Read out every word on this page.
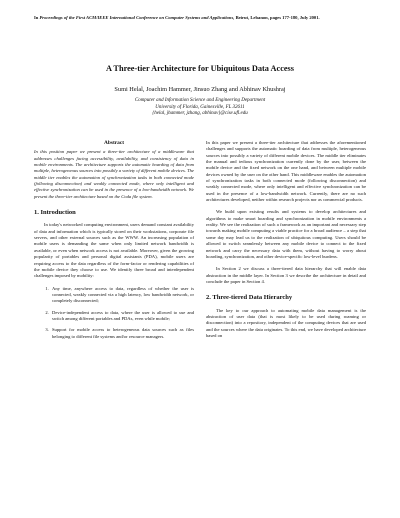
In Proceedings of the First ACM/IEEE International Conference on Computer Systems and Applications, Beirut, Lebanon, pages 177-180, July 2001.
A Three-tier Architecture for Ubiquitous Data Access

Sumi Helal, Joachim Hammer, Jinsuo Zhang and Abhinav Khushraj

Computer and Information Science and Engineering Department
University of Florida, Gainesville, FL 32611
{helal, jhammer, jzhang, abhinav}@cise.ufl.edu
Abstract

In this position paper we present a three-tier architecture of a middleware that addresses challenges facing accessibility, availability, and consistency of data in mobile environments. The architecture supports the automatic hoarding of data from multiple, heterogeneous sources into possibly a variety of different mobile devices. The middle tier enables the automation of synchronization tasks in both connected mode (following disconnection) and weakly connected mode, where only intelligent and effective synchronization can be used in the presence of a low-bandwidth network. We present the three-tier architecture based on the Coda file system.

1. Introduction

In today's networked computing environment, users demand constant availability of data and information which is typically stored on their workstations, corporate file servers, and other external sources such as the WWW. An increasing population of mobile users is demanding the same when only limited network bandwidth is available, or even when network access is not available. Moreover, given the growing popularity of portables and personal digital assistants (PDA), mobile users are requiring access to the data regardless of the form-factor or rendering capabilities of the mobile device they choose to use. We identify three broad and interdependent challenges imposed by mobility:

1. Any time, anywhere access to data, regardless of whether the user is connected, weakly connected via a high latency, low bandwidth network, or completely disconnected;
2. Device-independent access to data, where the user is allowed to use and switch among different portables and PDAs, even while mobile;
3. Support for mobile access to heterogeneous data sources such as files belonging to different file systems and/or resource managers.

In this paper we present a three-tier architecture that addresses the aforementioned challenges and supports the automatic hoarding of data from multiple, heterogeneous sources into possibly a variety of different mobile devices. The middle tier eliminates the manual and tedious synchronization currently done by the user, between the mobile device and the fixed network on the one hand, and between multiple mobile devices owned by the user on the other hand. This middleware enables the automation of synchronization tasks in both connected mode (following disconnection) and weakly connected mode, where only intelligent and effective synchronization can be used in the presence of a low-bandwidth network. Currently, there are no such architectures developed, neither within research projects nor as commercial products.

We build upon existing results and systems to develop architectures and algorithms to make smart hoarding and synchronization in mobile environments a reality. We see the realization of such a framework as an important and necessary step towards making mobile computing a viable practice for a broad audience – a step that some day may lead us to the realization of ubiquitous computing. Users should be allowed to switch seamlessly between any mobile device to connect to the fixed network and carry the necessary data with them, without having to worry about hoarding, synchronization, and other device-specific low-level burdens.

In Section 2 we discuss a three-tiered data hierarchy that will enable data abstraction in the middle layer. In Section 3 we describe the architecture in detail and conclude the paper in Section 4.

2. Three-tiered Data Hierarchy

The key to our approach to automating mobile data management is the abstraction of user data (that is most likely to be used during roaming or disconnection) into a repository, independent of the computing devices that are used and the sources where the data originates. To this end, we have developed architecture based on
